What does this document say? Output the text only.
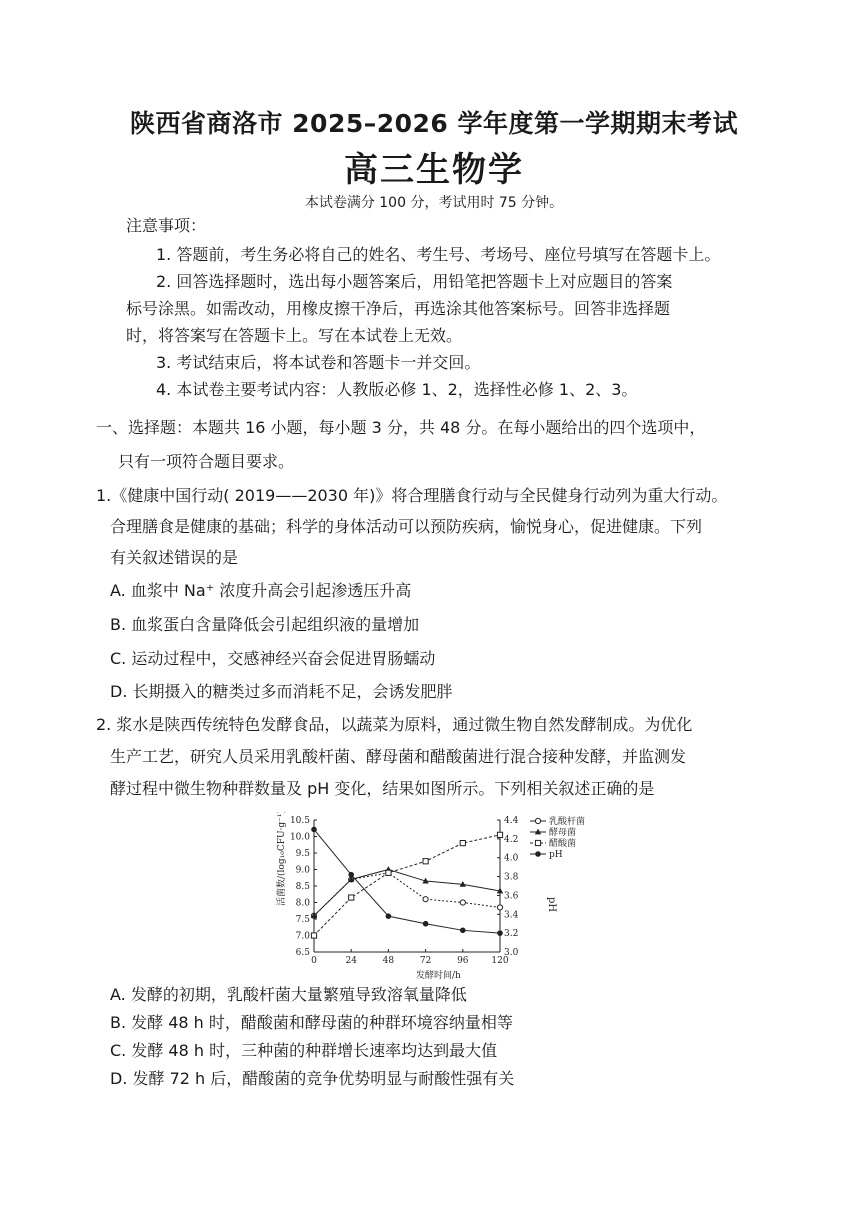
陕西省商洛市 2025–2026 学年度第一学期期末考试
高三生物学
本试卷满分 100 分，考试用时 75 分钟。
注意事项：
1. 答题前，考生务必将自己的姓名、考生号、考场号、座位号填写在答题卡上。
2. 回答选择题时，选出每小题答案后，用铅笔把答题卡上对应题目的答案
标号涂黑。如需改动，用橡皮擦干净后，再选涂其他答案标号。回答非选择题
时，将答案写在答题卡上。写在本试卷上无效。
3. 考试结束后，将本试卷和答题卡一并交回。
4. 本试卷主要考试内容：人教版必修 1、2，选择性必修 1、2、3。
一、选择题：本题共 16 小题，每小题 3 分，共 48 分。在每小题给出的四个选项中，
只有一项符合题目要求。
1.《健康中国行动( 2019——2030 年)》将合理膳食行动与全民健身行动列为重大行动。
合理膳食是健康的基础；科学的身体活动可以预防疾病，愉悦身心，促进健康。下列
有关叙述错误的是
A. 血浆中 Na⁺ 浓度升高会引起渗透压升高
B. 血浆蛋白含量降低会引起组织液的量增加
C. 运动过程中，交感神经兴奋会促进胃肠蠕动
D. 长期摄入的糖类过多而消耗不足，会诱发肥胖
2. 浆水是陕西传统特色发酵食品，以蔬菜为原料，通过微生物自然发酵制成。为优化
生产工艺，研究人员采用乳酸杆菌、酵母菌和醋酸菌进行混合接种发酵，并监测发
酵过程中微生物种群数量及 pH 变化，结果如图所示。下列相关叙述正确的是
活菌数/(log₁₀CFU·g⁻¹)	pH
发酵时间/h
6.5
7.0
7.5
8.0
8.5
9.0
9.5
10.0
10.5
3.0
3.2
3.4
3.6
3.8
4.0
4.2
4.4
0	24	48	72	96	120
乳酸杆菌
酵母菌
醋酸菌
pH
A. 发酵的初期，乳酸杆菌大量繁殖导致溶氧量降低
B. 发酵 48 h 时，醋酸菌和酵母菌的种群环境容纳量相等
C. 发酵 48 h 时，三种菌的种群增长速率均达到最大值
D. 发酵 72 h 后，醋酸菌的竞争优势明显与耐酸性强有关
